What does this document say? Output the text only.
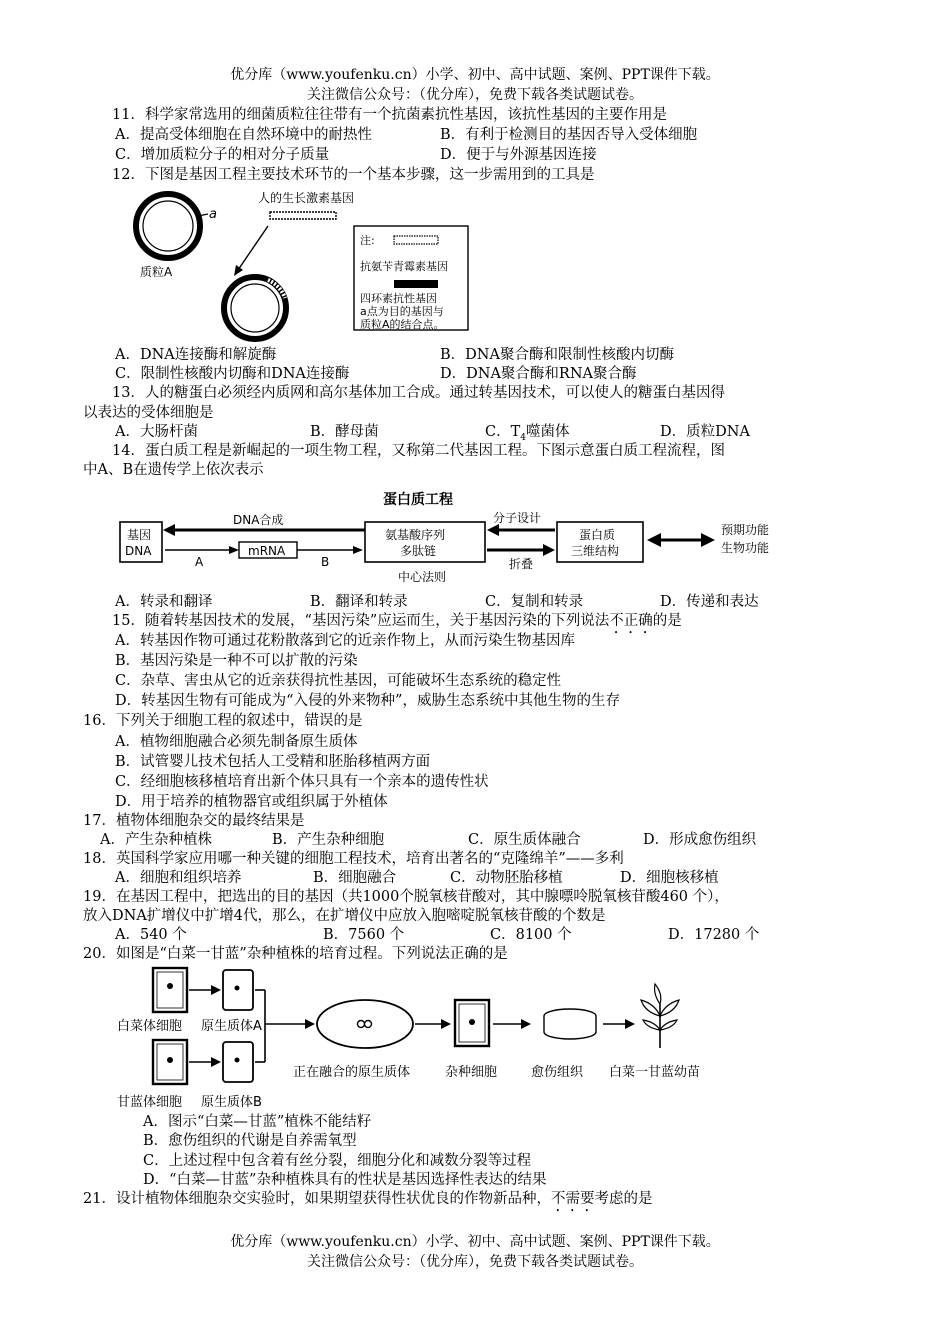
优分库（www.youfenku.cn）小学、初中、高中试题、案例、PPT课件下载。
关注微信公众号：（优分库），免费下载各类试题试卷。
11．科学家常选用的细菌质粒往往带有一个抗菌素抗性基因，该抗性基因的主要作用是
A．提高受体细胞在自然环境中的耐热性	B．有利于检测目的基因否导入受体细胞
C．增加质粒分子的相对分子质量	D．便于与外源基因连接
12．下图是基因工程主要技术环节的一个基本步骤，这一步需用到的工具是
a
质粒A
人的生长激素基因
注:
抗氨苄青霉素基因
四环素抗性基因
a点为目的基因与
质粒A的结合点。
A．DNA连接酶和解旋酶	B．DNA聚合酶和限制性核酸内切酶
C．限制性核酸内切酶和DNA连接酶	D．DNA聚合酶和RNA聚合酶
13．人的糖蛋白必须经内质网和高尔基体加工合成。通过转基因技术，可以使人的糖蛋白基因得
以表达的受体细胞是
A．大肠杆菌	B．酵母菌	C．$T_4$噬菌体	D．质粒DNA
14．蛋白质工程是新崛起的一项生物工程，又称第二代基因工程。下图示意蛋白质工程流程，图
中A、B在遗传学上依次表示
蛋白质工程
基因
DNA
DNA合成
A
mRNA
B
氨基酸序列
多肽链
中心法则
分子设计
折叠
蛋白质
三维结构
预期功能
生物功能
A．转录和翻译	B．翻译和转录	C．复制和转录	D．传递和表达
15．随着转基因技术的发展，“基因污染”应运而生，关于基因污染的下列说法不正确的是
A．转基因作物可通过花粉散落到它的近亲作物上，从而污染生物基因库
B．基因污染是一种不可以扩散的污染
C．杂草、害虫从它的近亲获得抗性基因，可能破坏生态系统的稳定性
D．转基因生物有可能成为“入侵的外来物种”，威胁生态系统中其他生物的生存
16．下列关于细胞工程的叙述中，错误的是
A．植物细胞融合必须先制备原生质体
B．试管婴儿技术包括人工受精和胚胎移植两方面
C．经细胞核移植培育出新个体只具有一个亲本的遗传性状
D．用于培养的植物器官或组织属于外植体
17．植物体细胞杂交的最终结果是
A．产生杂种植株	B．产生杂种细胞	C．原生质体融合	D．形成愈伤组织
18．英国科学家应用哪一种关键的细胞工程技术，培育出著名的“克隆绵羊”——多利
A．细胞和组织培养	B．细胞融合	C．动物胚胎移植	D．细胞核移植
19．在基因工程中，把选出的目的基因（共1000个脱氧核苷酸对，其中腺嘌呤脱氧核苷酸460 个），
放入DNA扩增仪中扩增4代，那么，在扩增仪中应放入胞嘧啶脱氧核苷酸的个数是
A．540 个	B．7560 个	C．8100 个	D．17280 个
20．如图是“白菜一甘蓝”杂种植株的培育过程。下列说法正确的是
白菜体细胞 原生质体A
甘蓝体细胞 原生质体B
正在融合的原生质体	杂种细胞	愈伤组织 白菜一甘蓝幼苗
A．图示“白菜—甘蓝”植株不能结籽
B．愈伤组织的代谢是自养需氧型
C．上述过程中包含着有丝分裂，细胞分化和减数分裂等过程
D．“白菜—甘蓝”杂种植株具有的性状是基因选择性表达的结果
21．设计植物体细胞杂交实验时，如果期望获得性状优良的作物新品种，不需要考虑的是
优分库（www.youfenku.cn）小学、初中、高中试题、案例、PPT课件下载。
关注微信公众号：（优分库），免费下载各类试题试卷。
